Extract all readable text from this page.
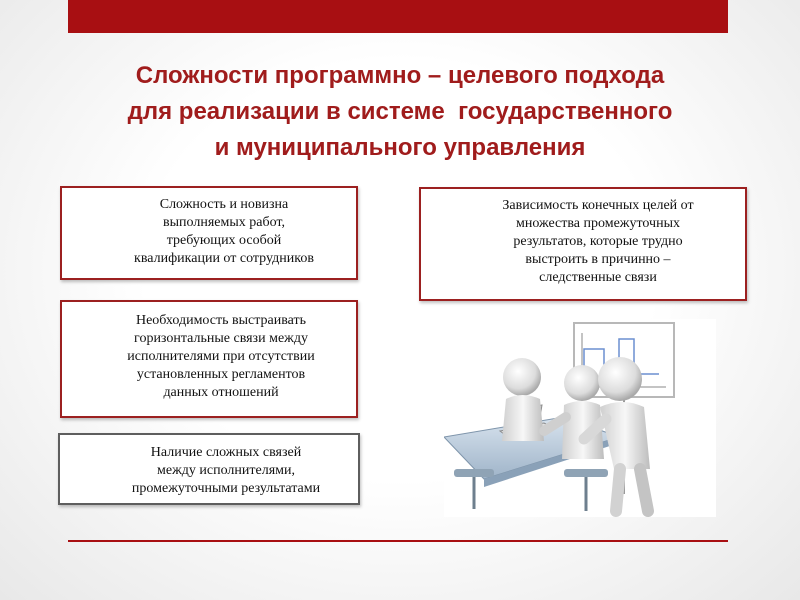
Сложности программно – целевого подхода
для реализации в системе  государственного
и муниципального управления
Сложность и новизна
выполняемых работ,
требующих особой
квалификации от сотрудников
Зависимость конечных целей от
множества промежуточных
результатов, которые трудно
выстроить в причинно –
следственные связи
Необходимость выстраивать
горизонтальные связи между
исполнителями при отсутствии
установленных регламентов
данных отношений
Наличие сложных связей
между исполнителями,
промежуточными результатами
